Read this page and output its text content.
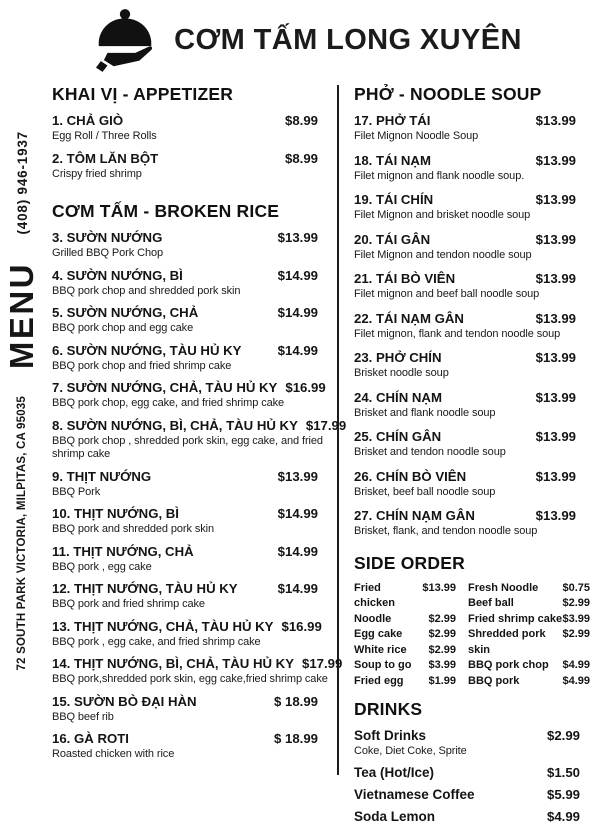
CƠM TẤM LONG XUYÊN
(408) 946-1937
MENU
72 SOUTH PARK VICTORIA, MILPITAS, CA 95035
KHAI VỊ - APPETIZER
1. CHẢ GIÒ	$8.99
Egg Roll / Three Rolls
2. TÔM LĂN BỘT	$8.99
Crispy fried shrimp
CƠM TẤM - BROKEN RICE
3. SƯỜN NƯỚNG	$13.99
Grilled BBQ Pork Chop
4. SƯỜN NƯỚNG, BÌ	$14.99
BBQ pork chop and shredded pork skin
5. SƯỜN NƯỚNG, CHẢ	$14.99
BBQ pork chop and egg cake
6. SƯỜN NƯỚNG, TÀU HỦ KY	$14.99
BBQ pork chop and fried shrimp cake
7. SƯỜN NƯỚNG, CHẢ, TÀU HỦ KY $16.99
BBQ pork chop, egg cake, and fried shrimp cake
8. SƯỜN NƯỚNG, BÌ, CHẢ, TÀU HỦ KY $17.99
BBQ pork chop , shredded pork skin, egg cake, and fried shrimp cake
9. THỊT NƯỚNG	$13.99
BBQ Pork
10. THỊT NƯỚNG, BÌ	$14.99
BBQ pork and shredded pork skin
11. THỊT NƯỚNG, CHẢ	$14.99
BBQ pork , egg cake
12. THỊT NƯỚNG, TÀU HỦ KY	$14.99
BBQ pork and fried shrimp cake
13. THỊT NƯỚNG, CHẢ, TÀU HỦ KY $16.99
BBQ pork , egg cake, and fried shrimp cake
14. THỊT NƯỚNG, BÌ, CHẢ, TÀU HỦ KY $17.99
BBQ pork,shredded pork skin, egg cake,fried shrimp cake
15. SƯỜN BÒ ĐẠI HÀN	$ 18.99
BBQ beef rib
16. GÀ ROTI	$ 18.99
Roasted chicken with rice
PHỞ - NOODLE SOUP
17. PHỞ TÁI	$13.99
Filet Mignon Noodle Soup
18. TÁI NẠM	$13.99
Filet mignon and flank noodle soup.
19. TÁI CHÍN	$13.99
Filet Mignon and brisket noodle soup
20. TÁI GÂN	$13.99
Filet Mignon and tendon noodle soup
21. TÁI BÒ VIÊN	$13.99
Filet mignon and beef ball noodle soup
22. TÁI NẠM GÂN	$13.99
Filet mignon, flank and tendon noodle soup
23. PHỞ CHÍN	$13.99
Brisket noodle soup
24. CHÍN NẠM	$13.99
Brisket and flank noodle soup
25. CHÍN GÂN	$13.99
Brisket and tendon noodle soup
26. CHÍN BÒ VIÊN	$13.99
Brisket, beef ball noodle soup
27. CHÍN NẠM GÂN	$13.99
Brisket, flank, and tendon noodle soup
SIDE ORDER
Fried chicken
$13.99
Noodle	$2.99
Egg cake $2.99
White rice $2.99
Soup to go $3.99
Fried egg $1.99
Fresh Noodle $0.75
Beef ball	$2.99
Fried shrimp cake $3.99
Shredded pork skin
$2.99
BBQ pork chop $4.99
BBQ pork	$4.99
DRINKS
Soft Drinks	$2.99
Coke, Diet Coke, Sprite
Tea (Hot/Ice)	$1.50
Vietnamese Coffee	$5.99
Soda Lemon	$4.99
